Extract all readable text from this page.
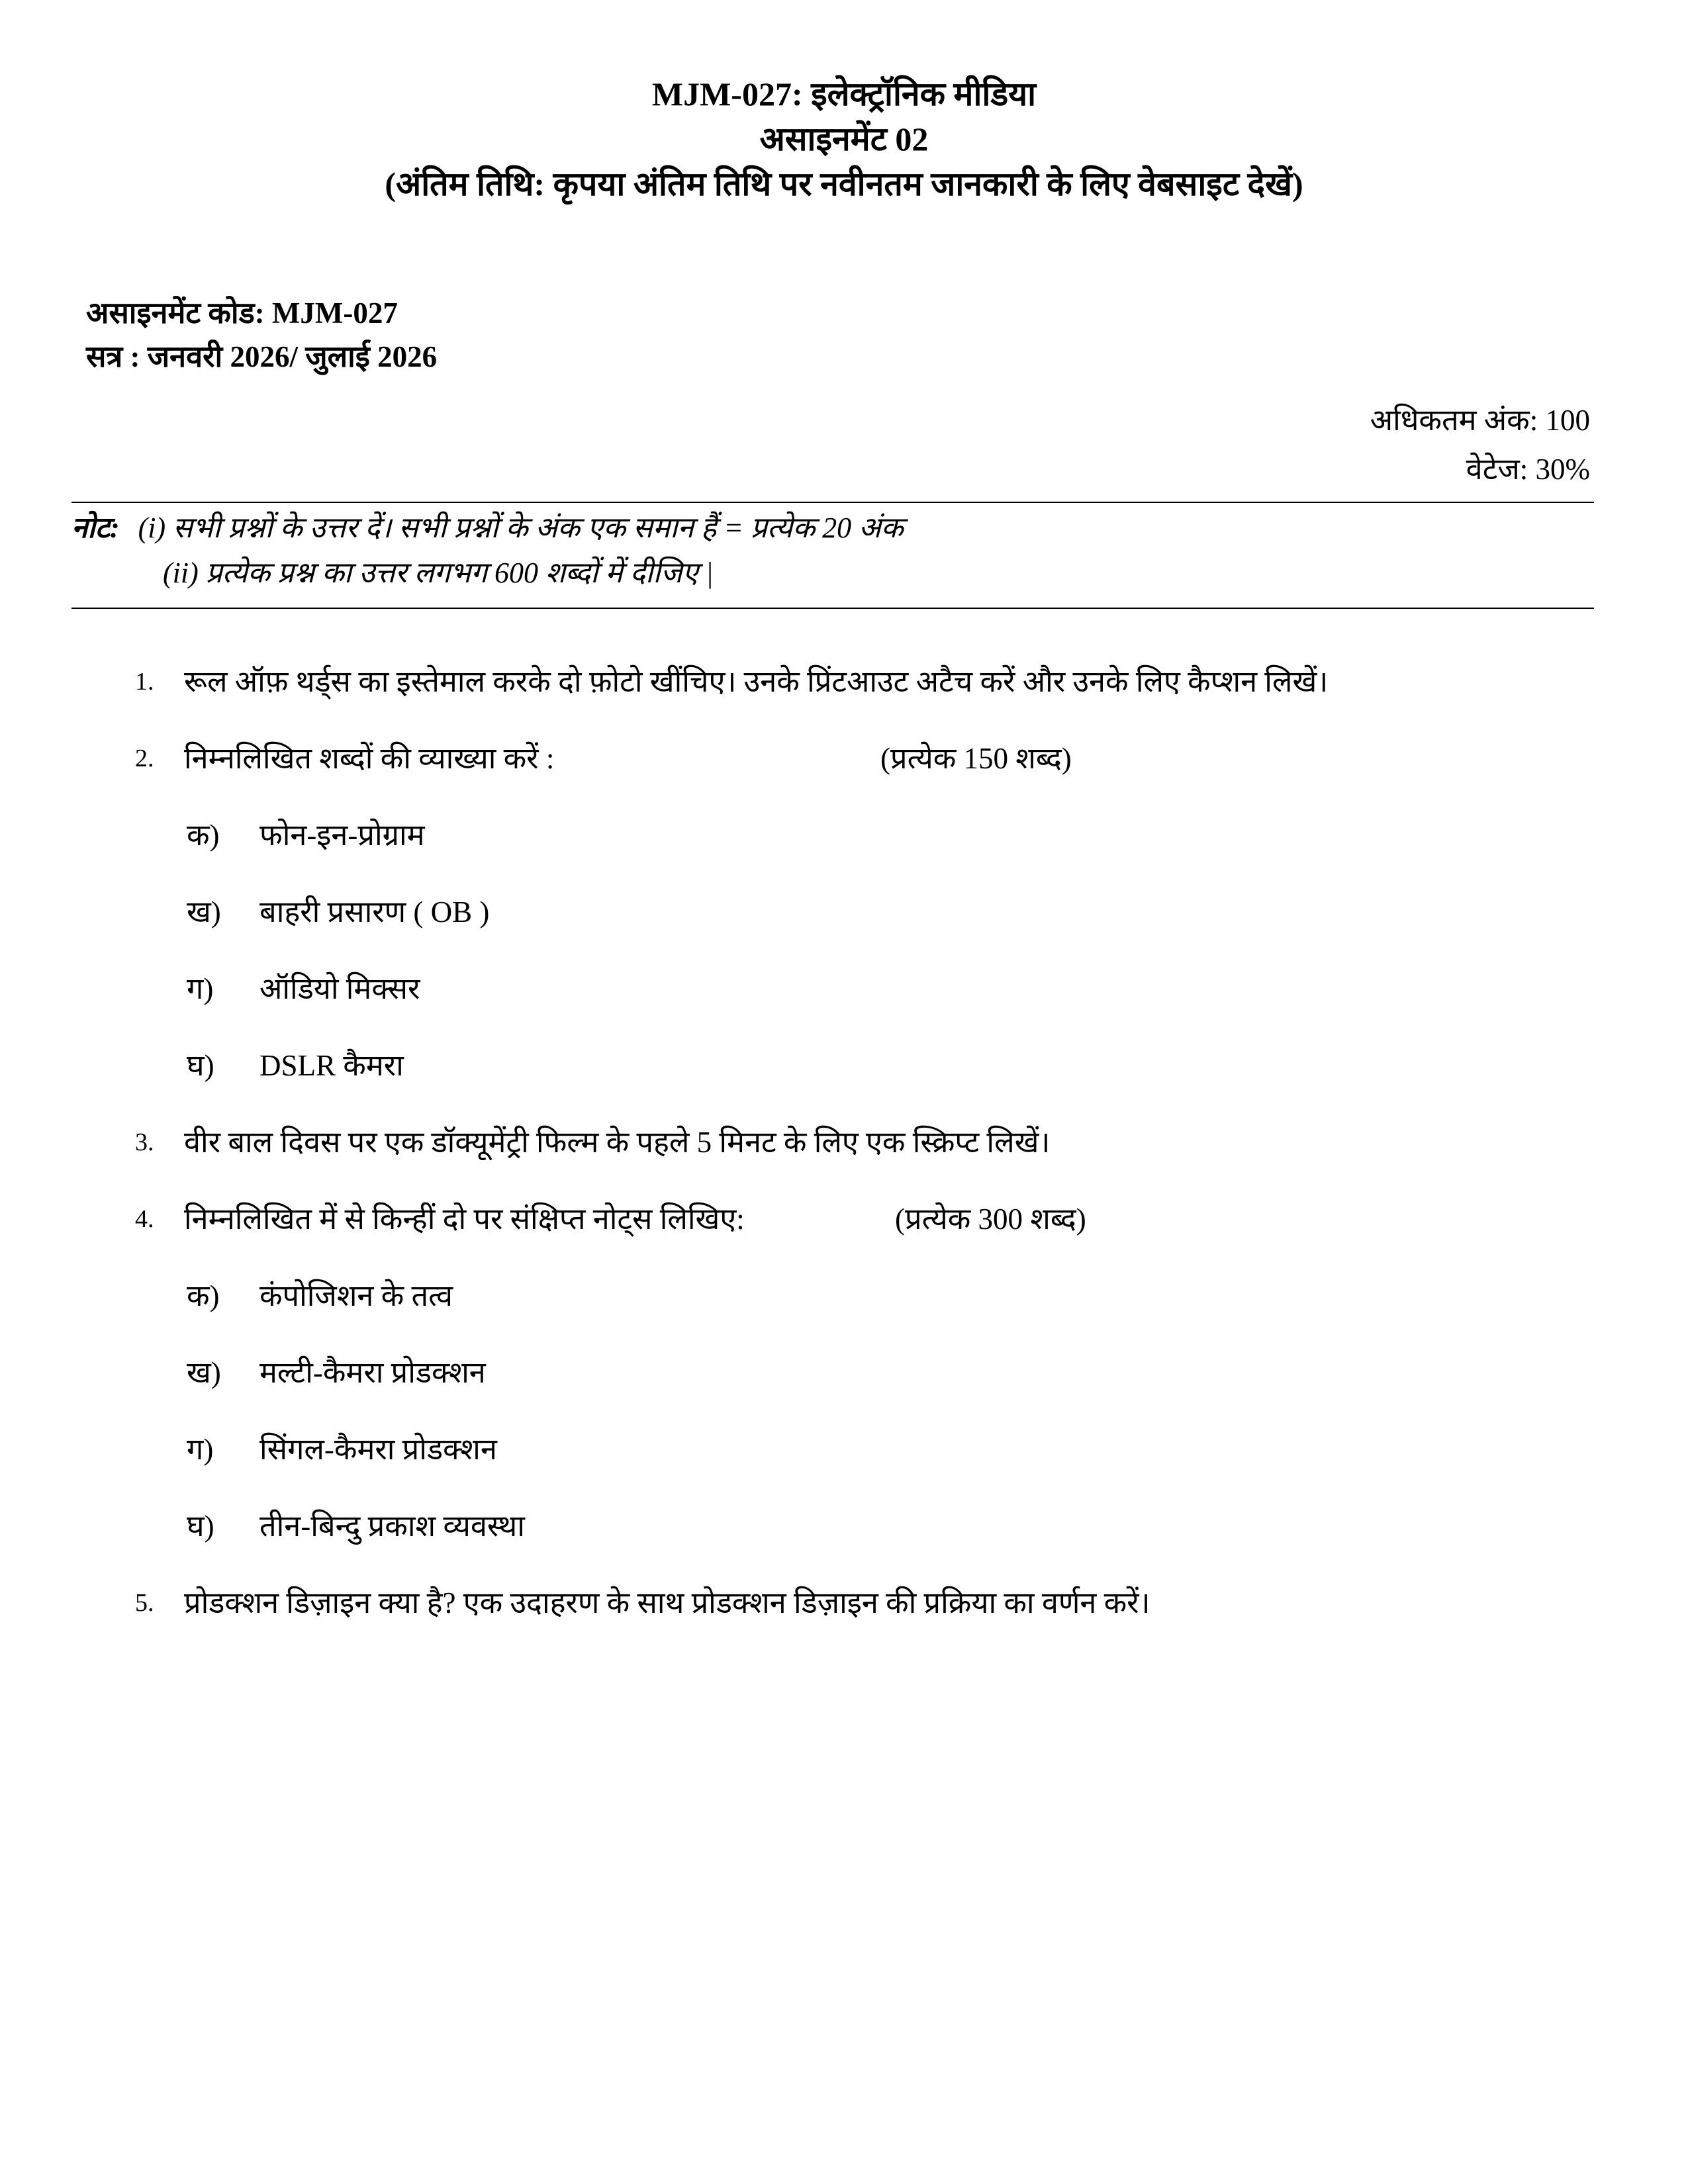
MJM-027: इलेक्ट्रॉनिक मीडिया

असाइनमेंट 02

(अंतिम तिथि: कृपया अंतिम तिथि पर नवीनतम जानकारी के लिए वेबसाइट देखें)

असाइनमेंट कोड: MJM-027
सत्र : जनवरी 2026/ जुलाई 2026
अधिकतम अंक: 100
वेटेज: 30%
नोट: (i) सभी प्रश्नों के उत्तर दें। सभी प्रश्नों के अंक एक समान हैं = प्रत्येक 20 अंक
(ii) प्रत्येक प्रश्न का उत्तर लगभग 600 शब्दों में दीजिए |
1. रूल ऑफ़ थर्ड्स का इस्तेमाल करके दो फ़ोटो खींचिए। उनके प्रिंटआउट अटैच करें और उनके लिए कैप्शन लिखें।
2. निम्नलिखित शब्दों की व्याख्या करें :	(प्रत्येक 150 शब्द)
क) फोन-इन-प्रोग्राम
ख) बाहरी प्रसारण ( OB )
ग) ऑडियो मिक्सर
घ) DSLR कैमरा
3. वीर बाल दिवस पर एक डॉक्यूमेंट्री फिल्म के पहले 5 मिनट के लिए एक स्क्रिप्ट लिखें।
4. निम्नलिखित में से किन्हीं दो पर संक्षिप्त नोट्स लिखिए:	(प्रत्येक 300 शब्द)
क) कंपोजिशन के तत्व
ख) मल्टी-कैमरा प्रोडक्शन
ग) सिंगल-कैमरा प्रोडक्शन
घ) तीन-बिन्दु प्रकाश व्यवस्था
5. प्रोडक्शन डिज़ाइन क्या है? एक उदाहरण के साथ प्रोडक्शन डिज़ाइन की प्रक्रिया का वर्णन करें।
